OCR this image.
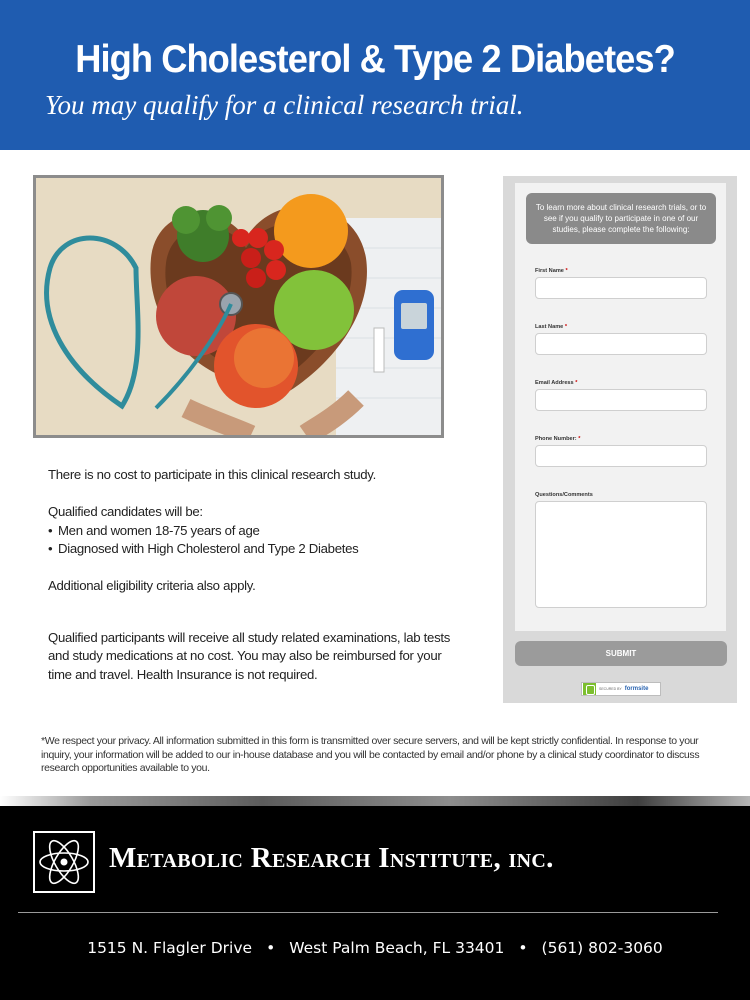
High Cholesterol & Type 2 Diabetes?
You may qualify for a clinical research trial.

There is no cost to participate in this clinical research study.

Qualified candidates will be:

• Men and women 18-75 years of age
• Diagnosed with High Cholesterol and Type 2 Diabetes

Additional eligibility criteria also apply.

Qualified participants will receive all study related examinations, lab tests and study medications at no cost. You may also be reimbursed for your time and travel. Health Insurance is not required.

To learn more about clinical research trials, or to see if you qualify to participate in one of our studies, please complete the following:
First Name *
Last Name *
Email Address *
Phone Number: *
Questions/Comments
SUBMIT
SECURED BY formsite
*We respect your privacy. All information submitted in this form is transmitted over secure servers, and will be kept strictly confidential. In response to your inquiry, your information will be added to our in-house database and you will be contacted by email and/or phone by a clinical study coordinator to discuss research opportunities available to you.
Metabolic Research Institute, inc.
1515 N. Flagler Drive • West Palm Beach, FL 33401 • (561) 802-3060
